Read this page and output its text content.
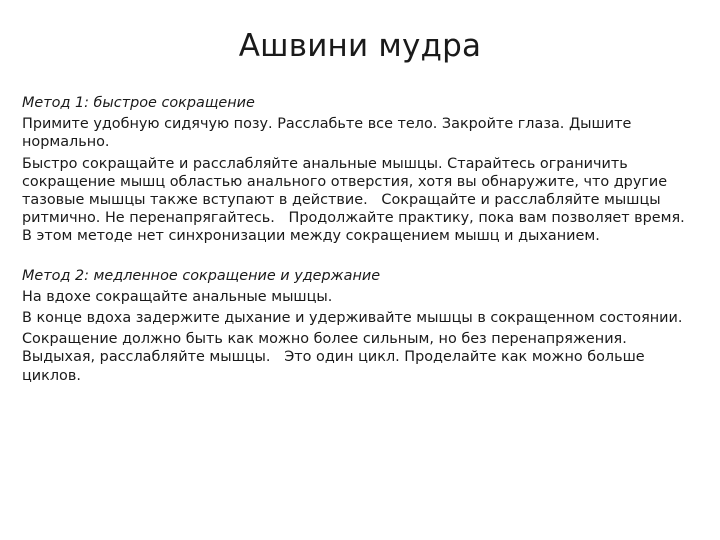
Ашвини мудра
Метод 1: быстрое сокращение
Примите удобную сидячую позу. Расслабьте все тело. Закройте глаза. Дышите нормально.
Быстро сокращайте и расслабляйте анальные мышцы. Старайтесь ограничить сокращение мышц областью анального отверстия, хотя вы обнаружите, что другие тазовые мышцы также вступают в действие.   Сокращайте и расслабляйте мышцы ритмично. Не перенапрягайтесь.   Продолжайте практику, пока вам позволяет время.   В этом методе нет синхронизации между сокращением мышц и дыханием.
Метод 2: медленное сокращение и удержание
На вдохе сокращайте анальные мышцы.
В конце вдоха задержите дыхание и удерживайте мышцы в сокращенном состоянии.
Сокращение должно быть как можно более сильным, но без перенапряжения. Выдыхая, расслабляйте мышцы.   Это один цикл. Проделайте как можно больше циклов.
